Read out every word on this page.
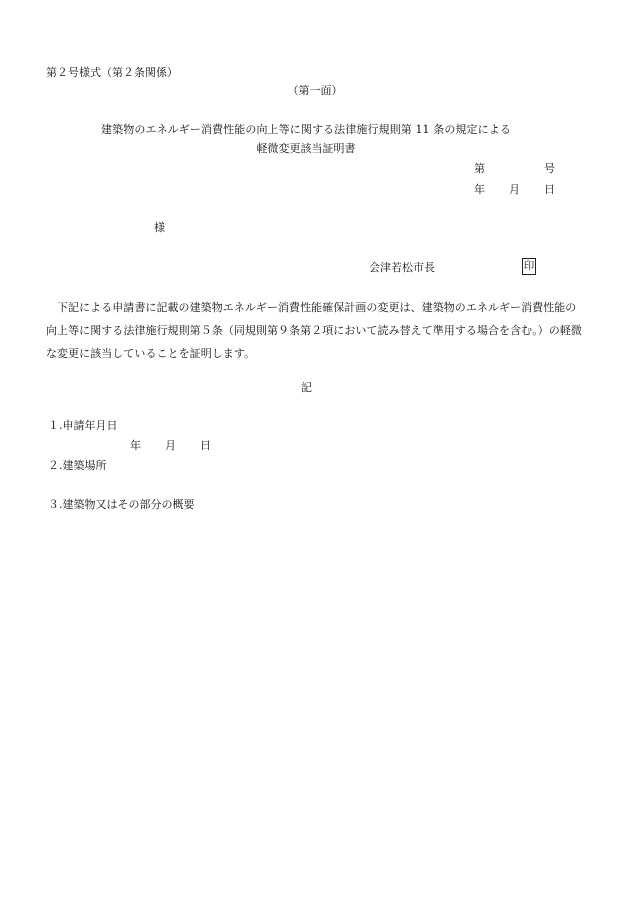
第２号様式（第２条関係）
（第一面）
建築物のエネルギー消費性能の向上等に関する法律施行規則第 11 条の規定による
軽微変更該当証明書
第	号
年 月 日
様
会津若松市長	印
下記による申請書に記載の建築物エネルギー消費性能確保計画の変更は、建築物のエネルギー消費性能の向上等に関する法律施行規則第５条（同規則第９条第２項において読み替えて準用する場合を含む。）の軽微な変更に該当していることを証明します。
記
１.申請年月日
年 月 日
２.建築場所
３.建築物又はその部分の概要
